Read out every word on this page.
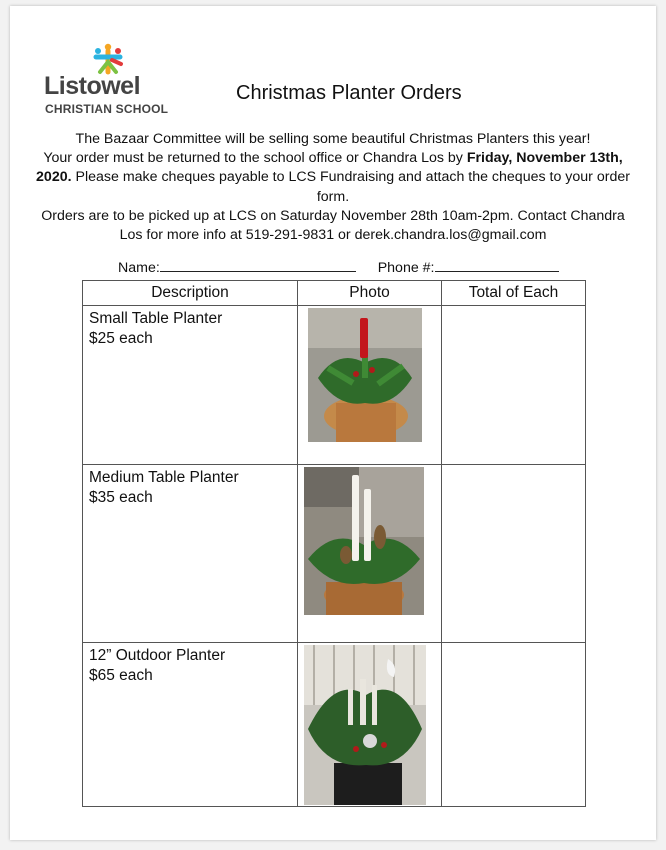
Listowel
CHRISTIAN SCHOOL
Christmas Planter Orders

The Bazaar Committee will be selling some beautiful Christmas Planters this year!

Your order must be returned to the school office or Chandra Los by Friday, November 13th, 2020. Please make cheques payable to LCS Fundraising and attach the cheques to your order form.

Orders are to be picked up at LCS on Saturday November 28th 10am-2pm. Contact Chandra Los for more info at 519-291-9831 or derek.chandra.los@gmail.com

Name:	Phone #:
Description	Photo	Total of Each

Small Table Planter
$25 each

Medium Table Planter
$35 each

12” Outdoor Planter
$65 each
